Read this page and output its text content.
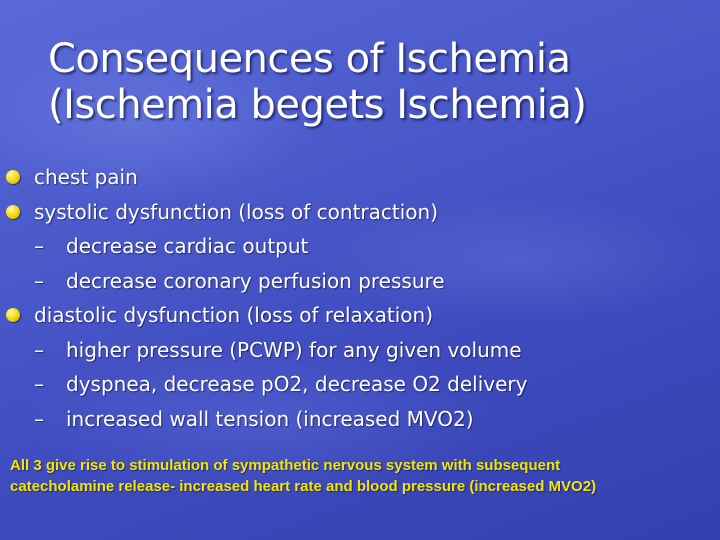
Consequences of Ischemia
(Ischemia begets Ischemia)
chest pain
systolic dysfunction (loss of contraction)
– decrease cardiac output
– decrease coronary perfusion pressure
diastolic dysfunction (loss of relaxation)
– higher pressure (PCWP) for any given volume
– dyspnea, decrease pO2, decrease O2 delivery
– increased wall tension (increased MVO2)
All 3 give rise to stimulation of sympathetic nervous system with subsequent
catecholamine release- increased heart rate and blood pressure (increased MVO2)
